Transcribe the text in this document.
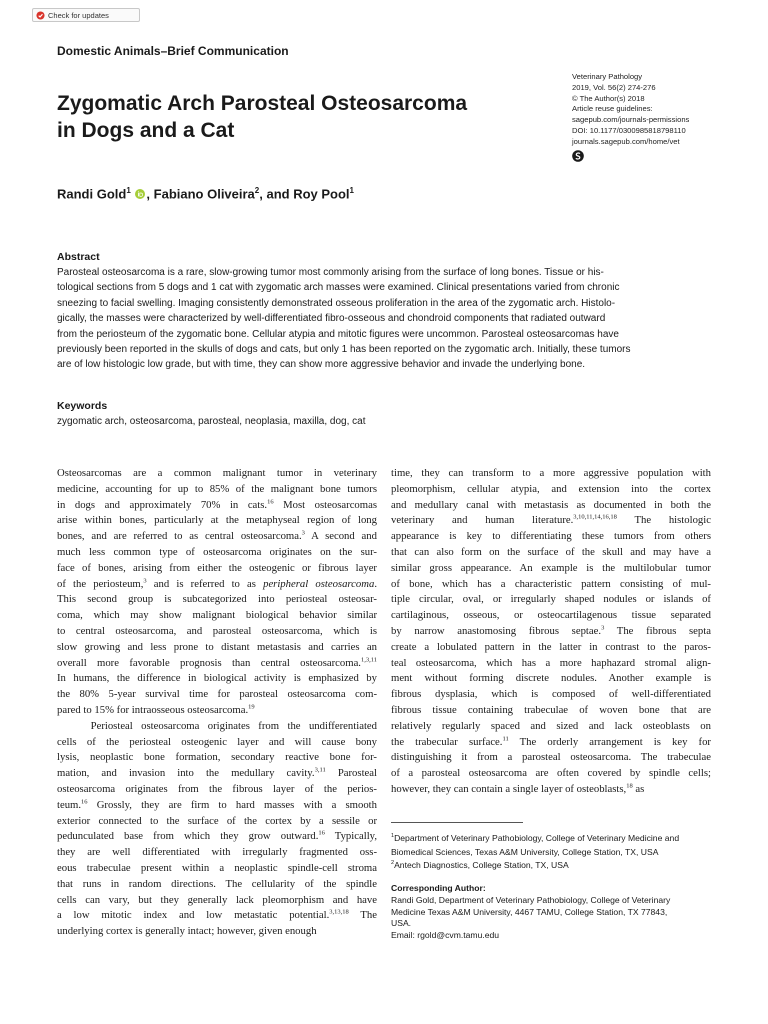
Check for updates
Domestic Animals–Brief Communication
Zygomatic Arch Parosteal Osteosarcoma
in Dogs and a Cat
Veterinary Pathology
2019, Vol. 56(2) 274-276
© The Author(s) 2018
Article reuse guidelines:
sagepub.com/journals-permissions
DOI: 10.1177/0300985818798110
journals.sagepub.com/home/vet
Randi Gold$^1$ , Fabiano Oliveira$^2$, and Roy Pool$^1$
Abstract
Parosteal osteosarcoma is a rare, slow-growing tumor most commonly arising from the surface of long bones. Tissue or his-
tological sections from 5 dogs and 1 cat with zygomatic arch masses were examined. Clinical presentations varied from chronic
sneezing to facial swelling. Imaging consistently demonstrated osseous proliferation in the area of the zygomatic arch. Histolo-
gically, the masses were characterized by well-differentiated fibro-osseous and chondroid components that radiated outward
from the periosteum of the zygomatic bone. Cellular atypia and mitotic figures were uncommon. Parosteal osteosarcomas have
previously been reported in the skulls of dogs and cats, but only 1 has been reported on the zygomatic arch. Initially, these tumors
are of low histologic low grade, but with time, they can show more aggressive behavior and invade the underlying bone.
Keywords
zygomatic arch, osteosarcoma, parosteal, neoplasia, maxilla, dog, cat
Osteosarcomas are a common malignant tumor in veterinary
medicine, accounting for up to 85% of the malignant bone tumors
in dogs and approximately 70% in cats.$^{16}$ Most osteosarcomas
arise within bones, particularly at the metaphyseal region of long
bones, and are referred to as central osteosarcoma.$^3$ A second and
much less common type of osteosarcoma originates on the sur-
face of bones, arising from either the osteogenic or fibrous layer
of the periosteum,$^3$ and is referred to as peripheral osteosarcoma.
This second group is subcategorized into periosteal osteosar-
coma, which may show malignant biological behavior similar
to central osteosarcoma, and parosteal osteosarcoma, which is
slow growing and less prone to distant metastasis and carries an
overall more favorable prognosis than central osteosarcoma.$^{1,3,11}$
In humans, the difference in biological activity is emphasized by
the 80% 5-year survival time for parosteal osteosarcoma com-
pared to 15% for intraosseous osteosarcoma.$^{19}$
Periosteal osteosarcoma originates from the undifferentiated
cells of the periosteal osteogenic layer and will cause bony
lysis, neoplastic bone formation, secondary reactive bone for-
mation, and invasion into the medullary cavity.$^{3,11}$ Parosteal
osteosarcoma originates from the fibrous layer of the perios-
teum.$^{16}$ Grossly, they are firm to hard masses with a smooth
exterior connected to the surface of the cortex by a sessile or
pedunculated base from which they grow outward.$^{16}$ Typically,
they are well differentiated with irregularly fragmented oss-
eous trabeculae present within a neoplastic spindle-cell stroma
that runs in random directions. The cellularity of the spindle
cells can vary, but they generally lack pleomorphism and have
a low mitotic index and low metastatic potential.$^{3,13,18}$ The
underlying cortex is generally intact; however, given enough
time, they can transform to a more aggressive population with
pleomorphism, cellular atypia, and extension into the cortex
and medullary canal with metastasis as documented in both the
veterinary and human literature.$^{3,10,11,14,16,18}$ The histologic
appearance is key to differentiating these tumors from others
that can also form on the surface of the skull and may have a
similar gross appearance. An example is the multilobular tumor
of bone, which has a characteristic pattern consisting of mul-
tiple circular, oval, or irregularly shaped nodules or islands of
cartilaginous, osseous, or osteocartilagenous tissue separated
by narrow anastomosing fibrous septae.$^3$ The fibrous septa
create a lobulated pattern in the latter in contrast to the paros-
teal osteosarcoma, which has a more haphazard stromal align-
ment without forming discrete nodules. Another example is
fibrous dysplasia, which is composed of well-differentiated
fibrous tissue containing trabeculae of woven bone that are
relatively regularly spaced and sized and lack osteoblasts on
the trabecular surface.$^{11}$ The orderly arrangement is key for
distinguishing it from a parosteal osteosarcoma. The trabeculae
of a parosteal osteosarcoma are often covered by spindle cells;
however, they can contain a single layer of osteoblasts,$^{18}$ as
$^1$Department of Veterinary Pathobiology, College of Veterinary Medicine and
Biomedical Sciences, Texas A&M University, College Station, TX, USA
$^2$Antech Diagnostics, College Station, TX, USA
Corresponding Author:
Randi Gold, Department of Veterinary Pathobiology, College of Veterinary
Medicine Texas A&M University, 4467 TAMU, College Station, TX 77843,
USA.
Email: rgold@cvm.tamu.edu
